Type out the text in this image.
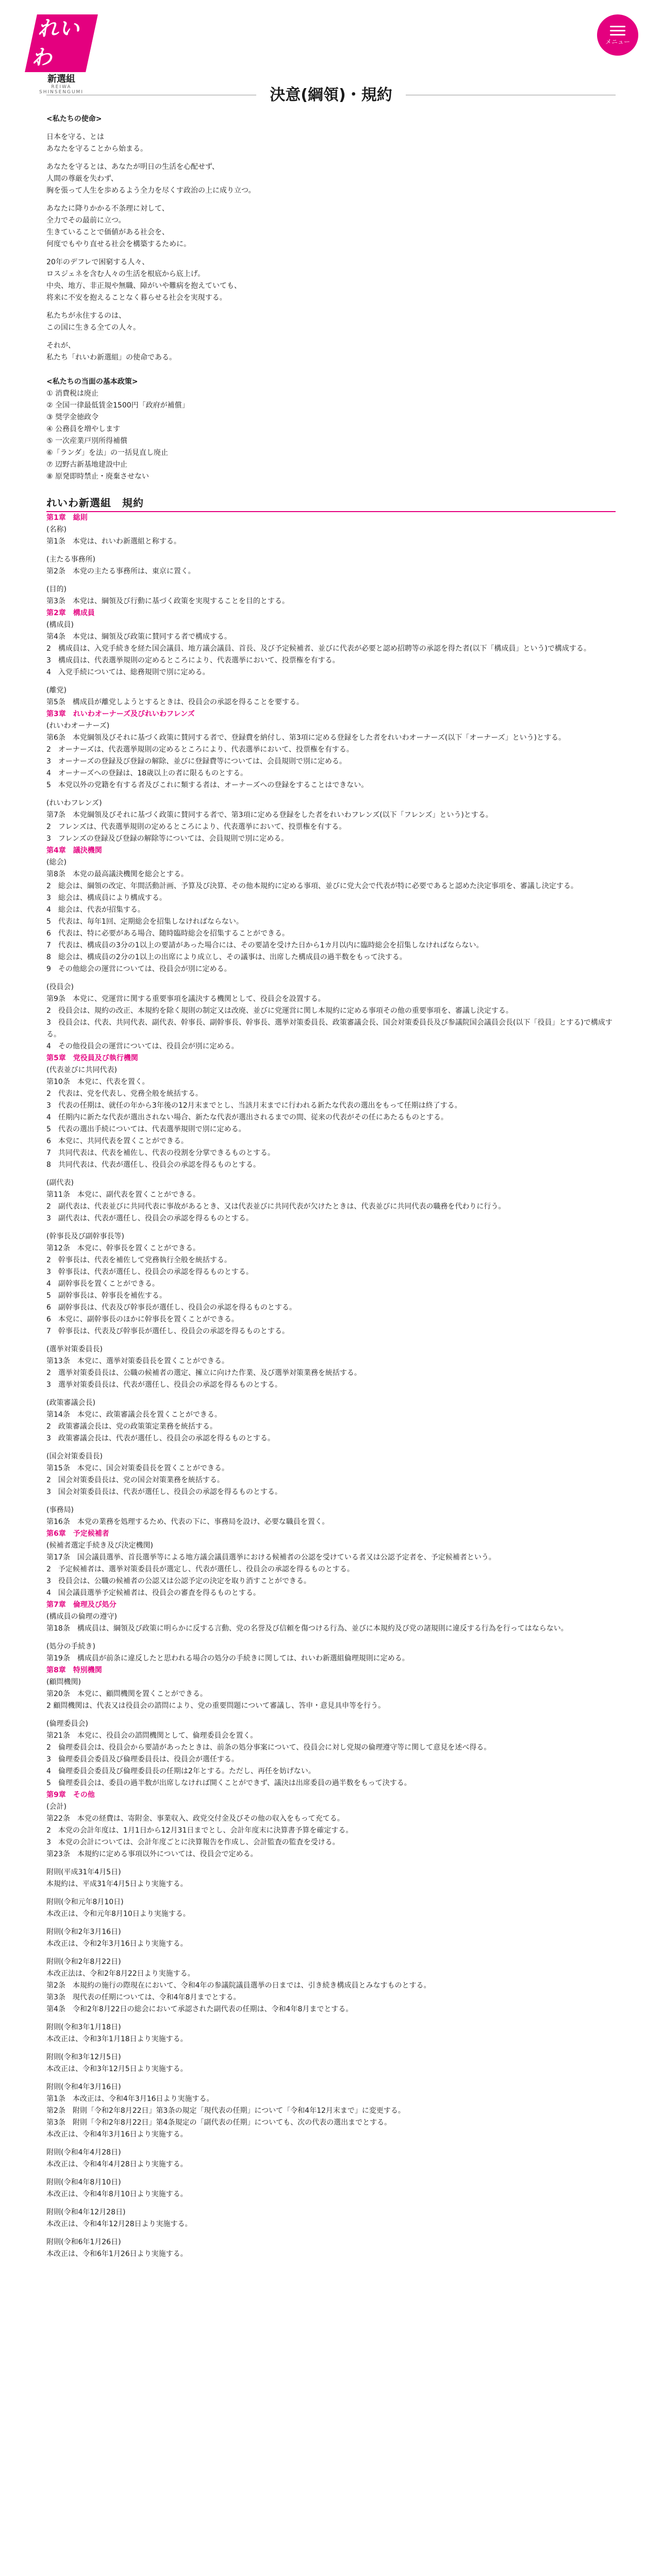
れいわ
新選組
REIWA SHINSENGUMI
メニュー
決意(綱領)・規約

<私たちの使命>

日本を守る、とは

あなたを守ることから始まる。

あなたを守るとは、あなたが明日の生活を心配せず、

人間の尊厳を失わず、

胸を張って人生を歩めるよう全力を尽くす政治の上に成り立つ。

あなたに降りかかる不条理に対して、

全力でその最前に立つ。

生きていることで価値がある社会を、

何度でもやり直せる社会を構築するために。

20年のデフレで困窮する人々、

ロスジェネを含む人々の生活を根底から底上げ。

中央、地方、非正規や無職、障がいや難病を抱えていても、

将来に不安を抱えることなく暮らせる社会を実現する。

私たちが永住するのは、

この国に生きる全ての人々。

それが、

私たち「れいわ新選組」の使命である。

<私たちの当面の基本政策>

① 消費税は廃止

② 全国一律最低賃金1500円「政府が補償」

③ 奨学金徳政令

④ 公務員を増やします

⑤ 一次産業戸別所得補償

⑥「ランダ」を法」の一括見直し廃止

⑦ 辺野古新基地建設中止

⑧ 原発即時禁止・廃棄させない

れいわ新選組　規約

第1章　総則

(名称)

第1条　本党は、れいわ新選組と称する。

(主たる事務所)

第2条　本党の主たる事務所は、東京に置く。

(目的)

第3条　本党は、綱領及び行動に基づく政策を実現することを目的とする。

第2章　構成員

(構成員)

第4条　本党は、綱領及び政策に賛同する者で構成する。

2　構成員は、入党手続きを経た国会議員、地方議会議員、首長、及び予定候補者、並びに代表が必要と認め招聘等の承認を得た者(以下「構成員」という)で構成する。

3　構成員は、代表選挙規則の定めるところにより、代表選挙において、投票権を有する。

4　入党手続については、総務規則で別に定める。

(離党)

第5条　構成員が離党しようとするときは、役員会の承認を得ることを要する。

第3章　れいわオーナーズ及びれいわフレンズ

(れいわオーナーズ)

第6条　本党綱領及びそれに基づく政策に賛同する者で、登録費を納付し、第3項に定める登録をした者をれいわオーナーズ(以下「オーナーズ」という)とする。

2　オーナーズは、代表選挙規則の定めるところにより、代表選挙において、投票権を有する。

3　オーナーズの登録及び登録の解除、並びに登録費等については、会員規則で別に定める。

4　オーナーズへの登録は、18歳以上の者に限るものとする。

5　本党以外の党籍を有する者及びこれに類する者は、オーナーズへの登録をすることはできない。

(れいわフレンズ)

第7条　本党綱領及びそれに基づく政策に賛同する者で、第3項に定める登録をした者をれいわフレンズ(以下「フレンズ」という)とする。

2　フレンズは、代表選挙規則の定めるところにより、代表選挙において、投票権を有する。

3　フレンズの登録及び登録の解除等については、会員規則で別に定める。

第4章　議決機関

(総会)

第8条　本党の最高議決機関を総会とする。

2　総会は、綱領の改定、年間活動計画、予算及び決算、その他本規約に定める事項、並びに党大会で代表が特に必要であると認めた決定事項を、審議し決定する。

3　総会は、構成員により構成する。

4　総会は、代表が招集する。

5　代表は、毎年1回、定期総会を招集しなければならない。

6　代表は、特に必要がある場合、随時臨時総会を招集することができる。

7　代表は、構成員の3分の1以上の要請があった場合には、その要請を受けた日から1カ月以内に臨時総会を招集しなければならない。

8　総会は、構成員の2分の1以上の出席により成立し、その議事は、出席した構成員の過半数をもって決する。

9　その他総会の運営については、役員会が別に定める。

(役員会)

第9条　本党に、党運営に関する重要事項を議決する機関として、役員会を設置する。

2　役員会は、規約の改正、本規約を除く規則の制定又は改廃、並びに党運営に関し本規約に定める事項その他の重要事項を、審議し決定する。

3　役員会は、代表、共同代表、副代表、幹事長、副幹事長、幹事長、選挙対策委員長、政策審議会長、国会対策委員長及び参議院国会議員会長(以下「役員」とする)で構成する。

4　その他役員会の運営については、役員会が別に定める。

第5章　党役員及び執行機関

(代表並びに共同代表)

第10条　本党に、代表を置く。

2　代表は、党を代表し、党務全般を統括する。

3　代表の任期は、就任の年から3年後の12月末までとし、当該月末までに行われる新たな代表の選出をもって任期は終了する。

4　任期内に新たな代表が選出されない場合、新たな代表が選出されるまでの間、従来の代表がその任にあたるものとする。

5　代表の選出手続については、代表選挙規則で別に定める。

6　本党に、共同代表を置くことができる。

7　共同代表は、代表を補佐し、代表の役割を分掌できるものとする。

8　共同代表は、代表が選任し、役員会の承認を得るものとする。

(副代表)

第11条　本党に、副代表を置くことができる。

2　副代表は、代表並びに共同代表に事故があるとき、又は代表並びに共同代表が欠けたときは、代表並びに共同代表の職務を代わりに行う。

3　副代表は、代表が選任し、役員会の承認を得るものとする。

(幹事長及び副幹事長等)

第12条　本党に、幹事長を置くことができる。

2　幹事長は、代表を補佐して党務執行全般を統括する。

3　幹事長は、代表が選任し、役員会の承認を得るものとする。

4　副幹事長を置くことができる。

5　副幹事長は、幹事長を補佐する。

6　副幹事長は、代表及び幹事長が選任し、役員会の承認を得るものとする。

6　本党に、副幹事長のほかに幹事長を置くことができる。

7　幹事長は、代表及び幹事長が選任し、役員会の承認を得るものとする。

(選挙対策委員長)

第13条　本党に、選挙対策委員長を置くことができる。

2　選挙対策委員長は、公職の候補者の選定、擁立に向けた作業、及び選挙対策業務を統括する。

3　選挙対策委員長は、代表が選任し、役員会の承認を得るものとする。

(政策審議会長)

第14条　本党に、政策審議会長を置くことができる。

2　政策審議会長は、党の政策策定業務を統括する。

3　政策審議会長は、代表が選任し、役員会の承認を得るものとする。

(国会対策委員長)

第15条　本党に、国会対策委員長を置くことができる。

2　国会対策委員長は、党の国会対策業務を統括する。

3　国会対策委員長は、代表が選任し、役員会の承認を得るものとする。

(事務局)

第16条　本党の業務を処理するため、代表の下に、事務局を設け、必要な職員を置く。

第6章　予定候補者

(候補者選定手続き及び決定機関)

第17条　国会議員選挙、首長選挙等による地方議会議員選挙における候補者の公認を受けている者又は公認予定者を、予定候補者という。

2　予定候補者は、選挙対策委員長が選定し、代表が選任し、役員会の承認を得るものとする。

3　役員会は、公職の候補者の公認又は公認予定の決定を取り消すことができる。

4　国会議員選挙予定候補者は、役員会の審査を得るものとする。

第7章　倫理及び処分

(構成員の倫理の遵守)

第18条　構成員は、綱領及び政策に明らかに反する言動、党の名誉及び信頼を傷つける行為、並びに本規約及び党の諸規則に違反する行為を行ってはならない。

(処分の手続き)

第19条　構成員が前条に違反したと思われる場合の処分の手続きに関しては、れいわ新選組倫理規則に定める。

第8章　特別機関

(顧問機関)

第20条　本党に、顧問機関を置くことができる。

2 顧問機関は、代表又は役員会の諮問により、党の重要問題について審議し、答申・意見具申等を行う。

(倫理委員会)

第21条　本党に、役員会の諮問機関として、倫理委員会を置く。

2　倫理委員会は、役員会から要請があったときは、前条の処分事案について、役員会に対し党規の倫理遵守等に関して意見を述べ得る。

3　倫理委員会委員及び倫理委員長は、役員会が選任する。

4　倫理委員会委員及び倫理委員長の任期は2年とする。ただし、再任を妨げない。

5　倫理委員会は、委員の過半数が出席しなければ開くことができず、議決は出席委員の過半数をもって決する。

第9章　その他

(会計)

第22条　本党の経費は、寄附金、事業収入、政党交付金及びその他の収入をもって充てる。

2　本党の会計年度は、1月1日から12月31日までとし、会計年度末に決算書予算を確定する。

3　本党の会計については、会計年度ごとに決算報告を作成し、会計監査の監査を受ける。

第23条　本規約に定める事項以外については、役員会で定める。

附則(平成31年4月5日)

本規約は、平成31年4月5日より実施する。

附則(令和元年8月10日)

本改正は、令和元年8月10日より実施する。

附則(令和2年3月16日)

本改正は、令和2年3月16日より実施する。

附則(令和2年8月22日)

本改正法は、令和2年8月22日より実施する。

第2条　本規約の施行の際現在において、令和4年の参議院議員選挙の日までは、引き続き構成員とみなすものとする。

第3条　現代表の任期については、令和4年8月までとする。

第4条　令和2年8月22日の総会において承認された副代表の任期は、令和4年8月までとする。

附則(令和3年1月18日)

本改正は、令和3年1月18日より実施する。

附則(令和3年12月5日)

本改正は、令和3年12月5日より実施する。

附則(令和4年3月16日)

第1条　本改正は、令和4年3月16日より実施する。

第2条　附則「令和2年8月22日」第3条の規定「現代表の任期」について「令和4年12月末まで」に変更する。

第3条　附則「令和2年8月22日」第4条規定の「副代表の任期」についても、次の代表の選出までとする。

本改正は、令和4年3月16日より実施する。

附則(令和4年4月28日)

本改正は、令和4年4月28日より実施する。

附則(令和4年8月10日)

本改正は、令和4年8月10日より実施する。

附則(令和4年12月28日)

本改正は、令和4年12月28日より実施する。

附則(令和6年1月26日)

本改正は、令和6年1月26日より実施する。
